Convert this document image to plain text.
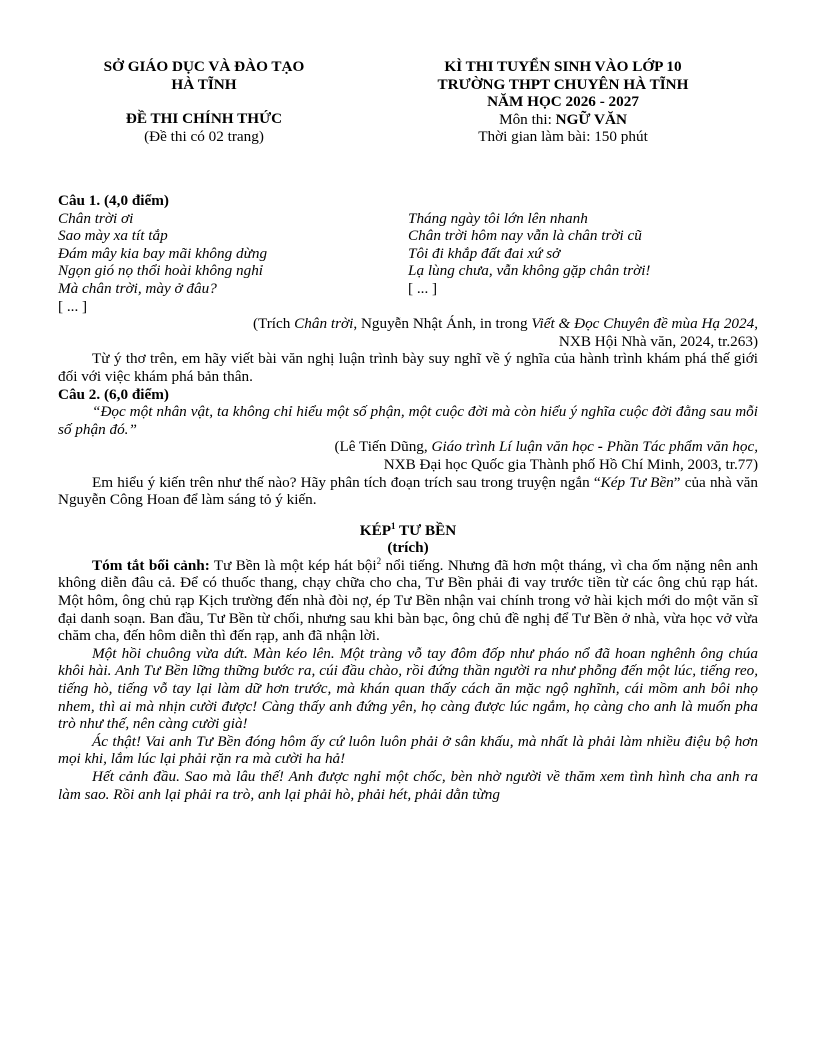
SỞ GIÁO DỤC VÀ ĐÀO TẠO
HÀ TĨNH
ĐỀ THI CHÍNH THỨC
(Đề thi có 02 trang)
KÌ THI TUYỂN SINH VÀO LỚP 10
TRƯỜNG THPT CHUYÊN HÀ TĨNH
NĂM HỌC 2026 - 2027
Môn thi: NGỮ VĂN
Thời gian làm bài: 150 phút
Câu 1. (4,0 điểm)
Chân trời ơi
Sao mày xa tít tắp
Đám mây kia bay mãi không dừng
Ngọn gió nọ thổi hoài không nghỉ
Mà chân trời, mày ở đâu?
[ ... ]
Tháng ngày tôi lớn lên nhanh
Chân trời hôm nay vẫn là chân trời cũ
Tôi đi khắp đất đai xứ sở
Lạ lùng chưa, vẫn không gặp chân trời!
[ ... ]
(Trích Chân trời, Nguyễn Nhật Ánh, in trong Viết & Đọc Chuyên đề mùa Hạ 2024,
NXB Hội Nhà văn, 2024, tr.263)
Từ ý thơ trên, em hãy viết bài văn nghị luận trình bày suy nghĩ về ý nghĩa của hành trình khám phá thế giới đối với việc khám phá bản thân.
Câu 2. (6,0 điểm)
“Đọc một nhân vật, ta không chỉ hiểu một số phận, một cuộc đời mà còn hiểu ý nghĩa cuộc đời đằng sau mỗi số phận đó.”
(Lê Tiến Dũng, Giáo trình Lí luận văn học - Phần Tác phẩm văn học,
NXB Đại học Quốc gia Thành phố Hồ Chí Minh, 2003, tr.77)
Em hiểu ý kiến trên như thế nào? Hãy phân tích đoạn trích sau trong truyện ngắn “Kép Tư Bền” của nhà văn Nguyễn Công Hoan để làm sáng tỏ ý kiến.
KÉP$^1$ TƯ BỀN
(trích)
Tóm tắt bối cảnh: Tư Bền là một kép hát bội$^2$ nổi tiếng. Nhưng đã hơn một tháng, vì cha ốm nặng nên anh không diễn đâu cả. Để có thuốc thang, chạy chữa cho cha, Tư Bền phải đi vay trước tiền từ các ông chủ rạp hát. Một hôm, ông chủ rạp Kịch trường đến nhà đòi nợ, ép Tư Bền nhận vai chính trong vở hài kịch mới do một văn sĩ đại danh soạn. Ban đầu, Tư Bền từ chối, nhưng sau khi bàn bạc, ông chủ đề nghị để Tư Bền ở nhà, vừa học vở vừa chăm cha, đến hôm diễn thì đến rạp, anh đã nhận lời.
Một hồi chuông vừa dứt. Màn kéo lên. Một tràng vỗ tay đôm đốp như pháo nổ đã hoan nghênh ông chúa khôi hài. Anh Tư Bền lững thững bước ra, cúi đầu chào, rồi đứng thần người ra như phỗng đến một lúc, tiếng reo, tiếng hò, tiếng vỗ tay lại làm dữ hơn trước, mà khán quan thấy cách ăn mặc ngộ nghĩnh, cái mồm anh bôi nhọ nhem, thì ai mà nhịn cười được! Càng thấy anh đứng yên, họ càng được lúc ngắm, họ càng cho anh là muốn pha trò như thế, nên càng cười già!
Ác thật! Vai anh Tư Bền đóng hôm ấy cứ luôn luôn phải ở sân khấu, mà nhất là phải làm nhiều điệu bộ hơn mọi khi, lắm lúc lại phải rặn ra mà cười ha hả!
Hết cảnh đầu. Sao mà lâu thế! Anh được nghỉ một chốc, bèn nhờ người về thăm xem tình hình cha anh ra làm sao. Rồi anh lại phải ra trò, anh lại phải hò, phải hét, phải dằn từng
